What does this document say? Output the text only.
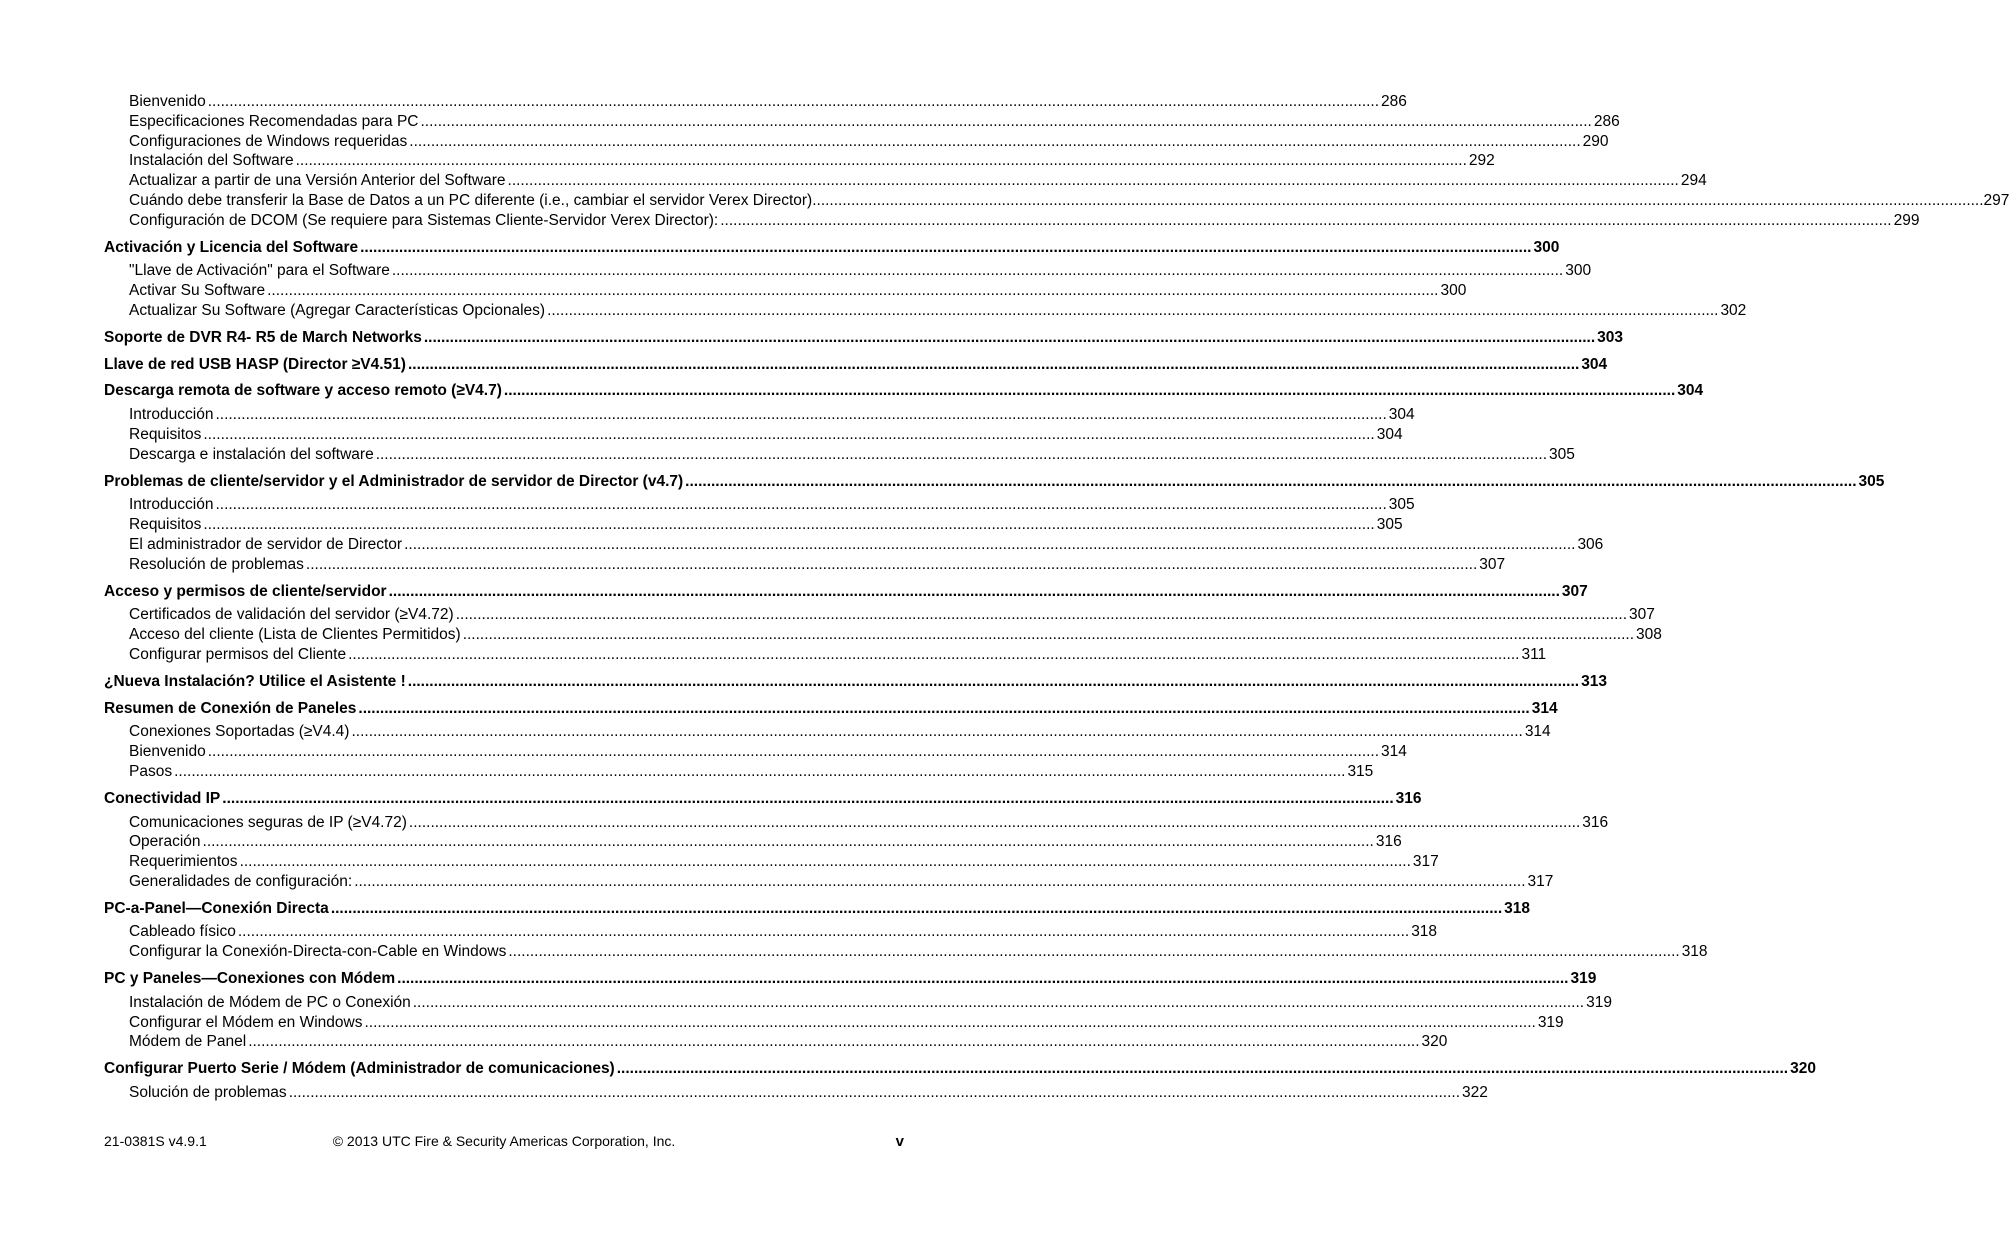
Bienvenido .....	286
Especificaciones Recomendadas para PC .....	286
Configuraciones de Windows requeridas .....	290
Instalación del Software .....	292
Actualizar a partir de una Versión Anterior del Software .....	294
Cuándo debe transferir la Base de Datos a un PC diferente (i.e., cambiar el servidor Verex Director) .....	297
Configuración de DCOM (Se requiere para Sistemas Cliente-Servidor Verex Director): .....	299
Activación y Licencia del Software .....	300
"Llave de Activación" para el Software .....	300
Activar Su Software .....	300
Actualizar Su Software (Agregar Características Opcionales) .....	302
Soporte de DVR R4- R5 de March Networks .....	303
Llave de red USB HASP (Director ≥V4.51) .....	304
Descarga remota de software y acceso remoto (≥V4.7) .....	304
Introducción .....	304
Requisitos .....	304
Descarga e instalación del software .....	305
Problemas de cliente/servidor y el Administrador de servidor de Director (v4.7) .....	305
Introducción .....	305
Requisitos .....	305
El administrador de servidor de Director .....	306
Resolución de problemas .....	307
Acceso y permisos de cliente/servidor .....	307
Certificados de validación del servidor (≥V4.72) .....	307
Acceso del cliente (Lista de Clientes Permitidos) .....	308
Configurar permisos del Cliente .....	311
¿Nueva Instalación? Utilice el Asistente ! .....	313
Resumen de Conexión de Paneles .....	314
Conexiones Soportadas (≥V4.4) .....	314
Bienvenido .....	314
Pasos .....	315
Conectividad IP .....	316
Comunicaciones seguras de IP (≥V4.72) .....	316
Operación .....	316
Requerimientos .....	317
Generalidades de configuración: .....	317
PC-a-Panel—Conexión Directa .....	318
Cableado físico .....	318
Configurar la Conexión-Directa-con-Cable en Windows .....	318
PC y Paneles—Conexiones con Módem .....	319
Instalación de Módem de PC o Conexión .....	319
Configurar el Módem en Windows .....	319
Módem de Panel .....	320
Configurar Puerto Serie / Módem (Administrador de comunicaciones) .....	320
Solución de problemas .....	322
21-0381S v4.9.1	© 2013 UTC Fire & Security Americas Corporation, Inc.	v
